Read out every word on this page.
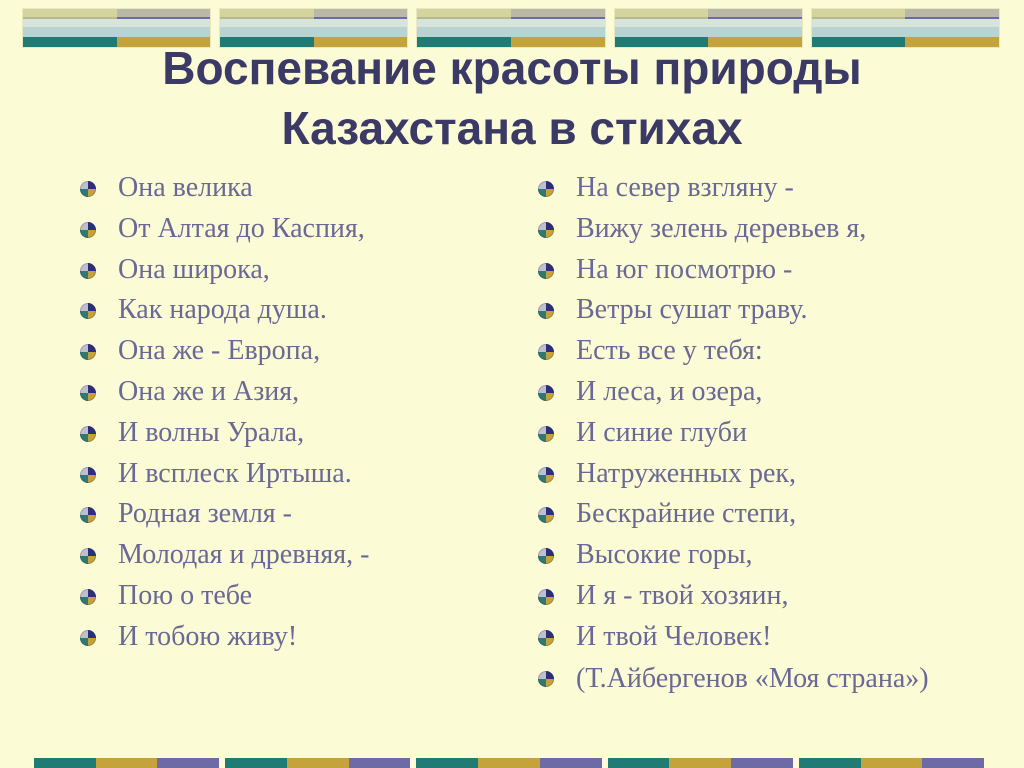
Воспевание красоты природы
Казахстана в стихах
Она велика
От Алтая до Каспия,
Она широка,
Как народа душа.
Она же - Европа,
Она же и Азия,
И волны Урала,
И всплеск Иртыша.
Родная земля -
Молодая и древняя, -
Пою о тебе
И тобою живу!
На север взгляну -
Вижу зелень деревьев я,
На юг посмотрю -
Ветры сушат траву.
Есть все у тебя:
И леса, и озера,
И синие глуби
Натруженных рек,
Бескрайние степи,
Высокие горы,
И я - твой хозяин,
И твой Человек!
(Т.Айбергенов «Моя страна»)
